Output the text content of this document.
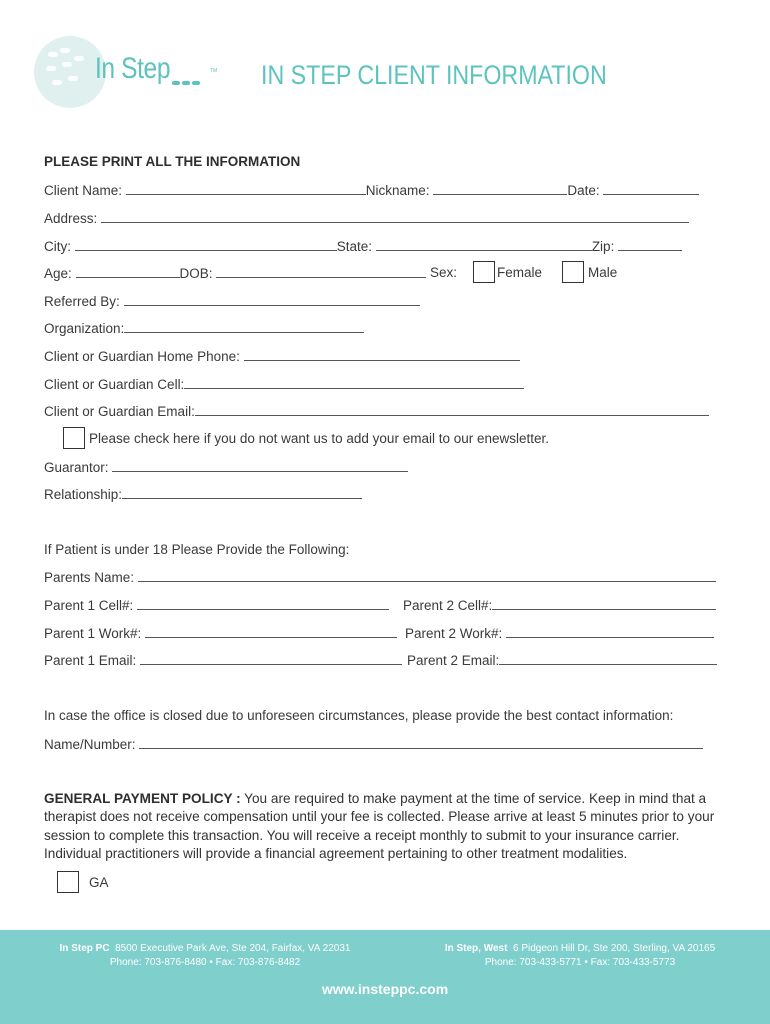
In Step	TM IN STEP CLIENT INFORMATION
PLEASE PRINT ALL THE INFORMATION
Client Name:	Nickname:	Date:
Address:
City:	State:	Zip:
Age:	DOB:	Sex:	Female	Male
Referred By:
Organization:
Client or Guardian Home Phone:
Client or Guardian Cell:
Client or Guardian Email:
Please check here if you do not want us to add your email to our enewsletter.
Guarantor:
Relationship:
If Patient is under 18 Please Provide the Following:
Parents Name:
Parent 1 Cell#:	Parent 2 Cell#:
Parent 1 Work#:	Parent 2 Work#:
Parent 1 Email:	Parent 2 Email:
In case the office is closed due to unforeseen circumstances, please provide the best contact information:
Name/Number:
GENERAL PAYMENT POLICY : You are required to make payment at the time of service. Keep in mind that a therapist does not receive compensation until your fee is collected. Please arrive at least 5 minutes prior to your session to complete this transaction. You will receive a receipt monthly to submit to your insurance carrier. Individual practitioners will provide a financial agreement pertaining to other treatment modalities.
GA
In Step PC 8500 Executive Park Ave, Ste 204, Fairfax, VA 22031
Phone: 703-876-8480 • Fax: 703-876-8482
In Step, West 6 Pidgeon Hill Dr, Ste 200, Sterling, VA 20165
Phone: 703-433-5771 • Fax: 703-433-5773
www.insteppc.com
